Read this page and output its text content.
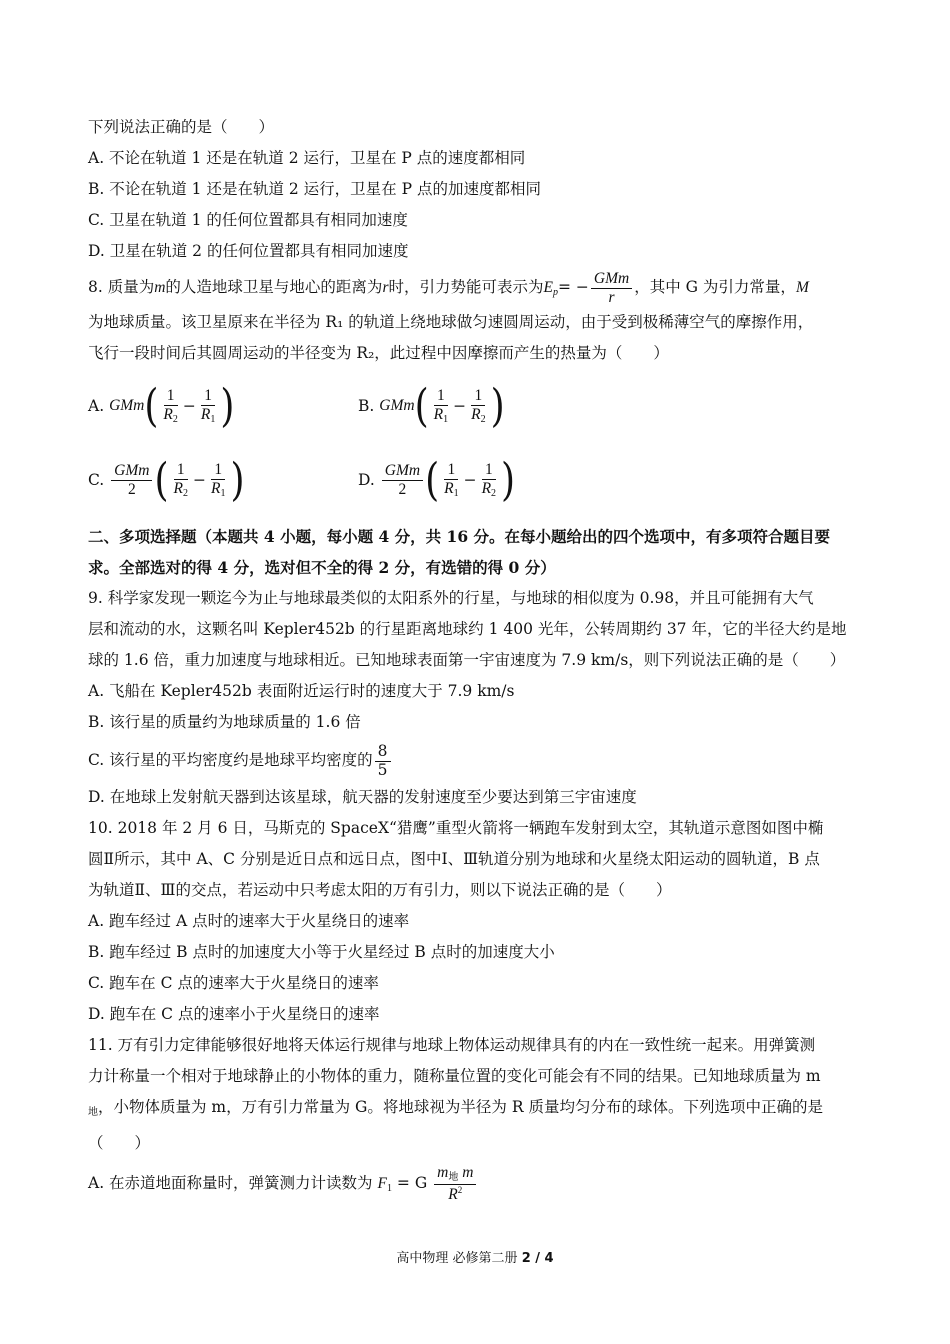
下列说法正确的是（　　）
A. 不论在轨道 1 还是在轨道 2 运行，卫星在 P 点的速度都相同
B. 不论在轨道 1 还是在轨道 2 运行，卫星在 P 点的加速度都相同
C. 卫星在轨道 1 的任何位置都具有相同加速度
D. 卫星在轨道 2 的任何位置都具有相同加速度
8. 质量为m的人造地球卫星与地心的距离为r时，引力势能可表示为$E_p= - \frac{\text{GMm}}{r}$ ，其中 G 为引力常量，M
为地球质量。该卫星原来在半径为 R₁ 的轨道上绕地球做匀速圆周运动，由于受到极稀薄空气的摩擦作用，
飞行一段时间后其圆周运动的半径变为 R₂，此过程中因摩擦而产生的热量为（　　）
A.
GMm ( $\frac{1}{R_2} - \frac{1}{R_1}$ )	B.
GMm ( $\frac{1}{R_1} - \frac{1}{R_2}$ )
C.
$\frac{\text{GMm}}{2}$ ( $\frac{1}{R_2} - \frac{1}{R_1}$ )	D.
$\frac{\text{GMm}}{2}$ ( $\frac{1}{R_1} - \frac{1}{R_2}$ )
二、多项选择题（本题共 4 小题，每小题 4 分，共 16 分。在每小题给出的四个选项中，有多项符合题目要
求。全部选对的得 4 分，选对但不全的得 2 分，有选错的得 0 分）
9. 科学家发现一颗迄今为止与地球最类似的太阳系外的行星，与地球的相似度为 0.98，并且可能拥有大气
层和流动的水，这颗名叫 Kepler452b 的行星距离地球约 1 400 光年，公转周期约 37 年，它的半径大约是地
球的 1.6 倍，重力加速度与地球相近。已知地球表面第一宇宙速度为 7.9 km/s，则下列说法正确的是（　　）
A. 飞船在 Kepler452b 表面附近运行时的速度大于 7.9 km/s
B. 该行星的质量约为地球质量的 1.6 倍
C. 该行星的平均密度约是地球平均密度的 $\frac{8}{5}$
D. 在地球上发射航天器到达该星球，航天器的发射速度至少要达到第三宇宙速度
10. 2018 年 2 月 6 日，马斯克的 SpaceX“猎鹰”重型火箭将一辆跑车发射到太空，其轨道示意图如图中椭
圆Ⅱ所示，其中 A、C 分别是近日点和远日点，图中Ⅰ、Ⅲ轨道分别为地球和火星绕太阳运动的圆轨道，B 点
为轨道Ⅱ、Ⅲ的交点，若运动中只考虑太阳的万有引力，则以下说法正确的是（　　）
A. 跑车经过 A 点时的速率大于火星绕日的速率
B. 跑车经过 B 点时的加速度大小等于火星经过 B 点时的加速度大小
C. 跑车在 C 点的速率大于火星绕日的速率
D. 跑车在 C 点的速率小于火星绕日的速率
11. 万有引力定律能够很好地将天体运行规律与地球上物体运动规律具有的内在一致性统一起来。用弹簧测
力计称量一个相对于地球静止的小物体的重力，随称量位置的变化可能会有不同的结果。已知地球质量为 m
$_地$，小物体质量为 m，万有引力常量为 G。将地球视为半径为 R 质量均匀分布的球体。下列选项中正确的是
（　　）
A. 在赤道地面称量时，弹簧测力计读数为 $F_1 = G \frac{m_地 m}{R^2}$
高中物理 必修第二册 2 / 4
